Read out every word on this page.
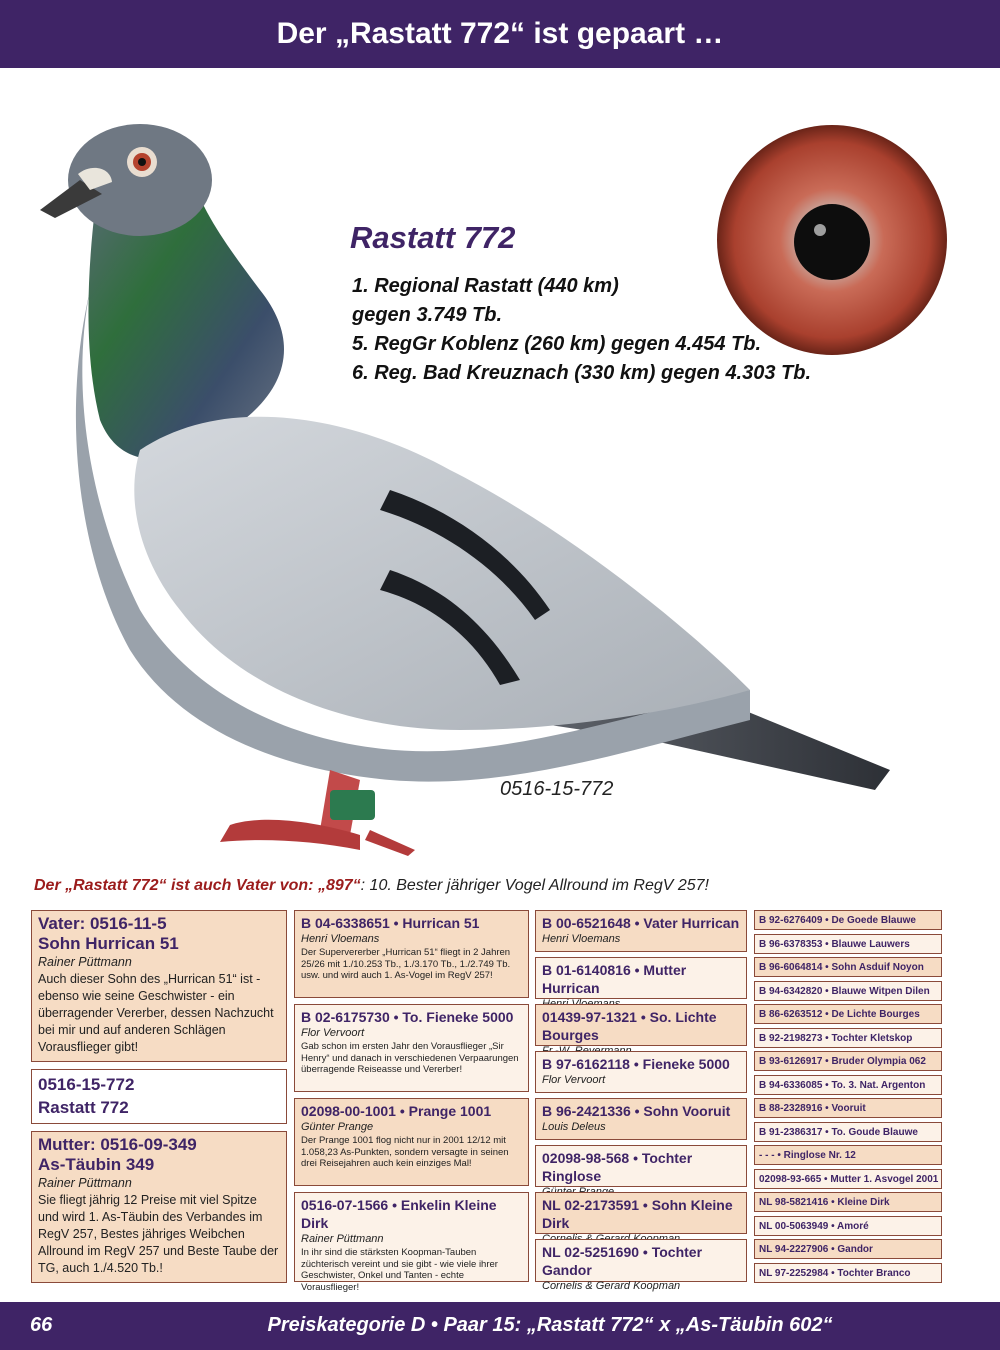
Der „Rastatt 772“ ist gepaart …
Rastatt 772
1. Regional Rastatt (440 km)
gegen 3.749 Tb.
5. RegGr Koblenz (260 km) gegen 4.454 Tb.
6. Reg. Bad Kreuznach (330 km) gegen 4.303 Tb.
0516-15-772
Der „Rastatt 772“ ist auch Vater von: „897“: 10. Bester jähriger Vogel Allround im RegV 257!
Vater: 0516-11-5
Sohn Hurrican 51
Rainer Püttmann
Auch dieser Sohn des „Hurrican 51“ ist - ebenso wie seine Geschwister - ein überragender Vererber, dessen Nachzucht bei mir und auf anderen Schlägen Vorausflieger gibt!
0516-15-772
Rastatt 772
Mutter: 0516-09-349
As-Täubin 349
Rainer Püttmann
Sie fliegt jährig 12 Preise mit viel Spitze und wird 1. As-Täubin des Verbandes im RegV 257, Bestes jähriges Weibchen Allround im RegV 257 und Beste Taube der TG, auch 1./4.520 Tb.!
B 04-6338651 • Hurrican 51
Henri Vloemans
Der Supervererber „Hurrican 51“ fliegt in 2 Jahren 25/26 mit 1./10.253 Tb., 1./3.170 Tb., 1./2.749 Tb. usw. und wird auch 1. As-Vogel im RegV 257!
B 02-6175730 • To. Fieneke 5000
Flor Vervoort
Gab schon im ersten Jahr den Vorausflieger „Sir Henry“ und danach in verschiedenen Verpaarungen überragende Reiseasse und Vererber!
02098-00-1001 • Prange 1001
Günter Prange
Der Prange 1001 flog nicht nur in 2001 12/12 mit 1.058,23 As-Punkten, sondern versagte in seinen drei Reisejahren auch kein einziges Mal!
0516-07-1566 • Enkelin Kleine Dirk
Rainer Püttmann
In ihr sind die stärksten Koopman-Tauben züchterisch vereint und sie gibt - wie viele ihrer Geschwister, Onkel und Tanten - echte Vorausflieger!
B 00-6521648 • Vater Hurrican
Henri Vloemans
B 01-6140816 • Mutter Hurrican
01439-97-1321 • So. Lichte Bourges
B 97-6162118 • Fieneke 5000
Flor Vervoort
B 96-2421336 • Sohn Vooruit
Louis Deleus
02098-98-568 • Tochter Ringlose
NL 02-2173591 • Sohn Kleine Dirk
NL 02-5251690 • Tochter Gandor
Cornelis & Gerard Koopman
B 92-6276409 • De Goede Blauwe
B 96-6378353 • Blauwe Lauwers
B 96-6064814 • Sohn Asduif Noyon
B 94-6342820 • Blauwe Witpen Dilen
B 86-6263512 • De Lichte Bourges
B 92-2198273 • Tochter Kletskop
B 93-6126917 • Bruder Olympia 062
B 94-6336085 • To. 3. Nat. Argenton
B 88-2328916 • Vooruit
B 91-2386317 • To. Goude Blauwe
- - - • Ringlose Nr. 12
02098-93-665 • Mutter 1. Asvogel 2001
NL 98-5821416 • Kleine Dirk
NL 00-5063949 • Amoré
NL 94-2227906 • Gandor
NL 97-2252984 • Tochter Branco
66	Preiskategorie D • Paar 15: „Rastatt 772“ x „As-Täubin 602“
